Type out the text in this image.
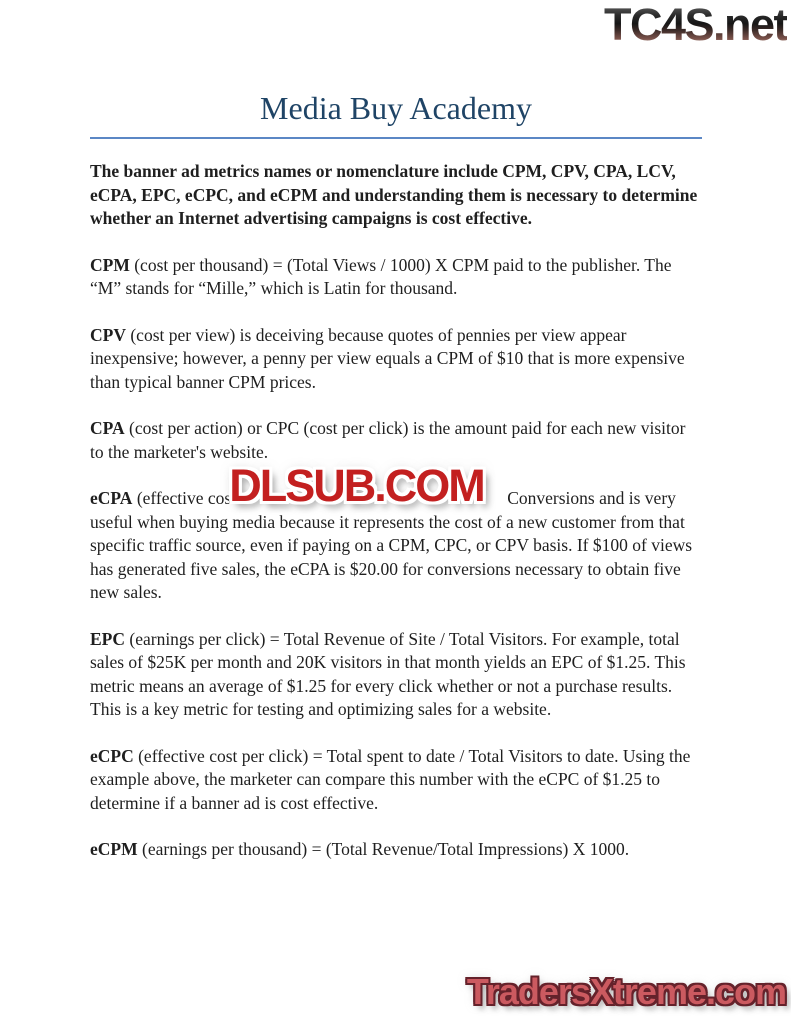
TC4S.net
Media Buy Academy

The banner ad metrics names or nomenclature include CPM, CPV, CPA, LCV, eCPA, EPC, eCPC, and eCPM and understanding them is necessary to determine whether an Internet advertising campaigns is cost effective.

CPM (cost per thousand) = (Total Views / 1000) X CPM paid to the publisher. The “M” stands for “Mille,” which is Latin for thousand.

CPV (cost per view) is deceiving because quotes of pennies per view appear inexpensive; however, a penny per view equals a CPM of $10 that is more expensive than typical banner CPM prices.

CPA (cost per action) or CPC (cost per click) is the amount paid for each new visitor to the marketer's website.

eCPA (effective cos
DLSUB.COM Conversions and is very useful when buying media because it represents the cost of a new customer from that specific traffic source, even if paying on a CPM, CPC, or CPV basis. If $100 of views has generated five sales, the eCPA is $20.00 for conversions necessary to obtain five new sales.

EPC (earnings per click) = Total Revenue of Site / Total Visitors. For example, total sales of $25K per month and 20K visitors in that month yields an EPC of $1.25. This metric means an average of $1.25 for every click whether or not a purchase results. This is a key metric for testing and optimizing sales for a website.

eCPC (effective cost per click) = Total spent to date / Total Visitors to date. Using the example above, the marketer can compare this number with the eCPC of $1.25 to determine if a banner ad is cost effective.

eCPM (earnings per thousand) = (Total Revenue/Total Impressions) X 1000.

TradersXtreme.com
